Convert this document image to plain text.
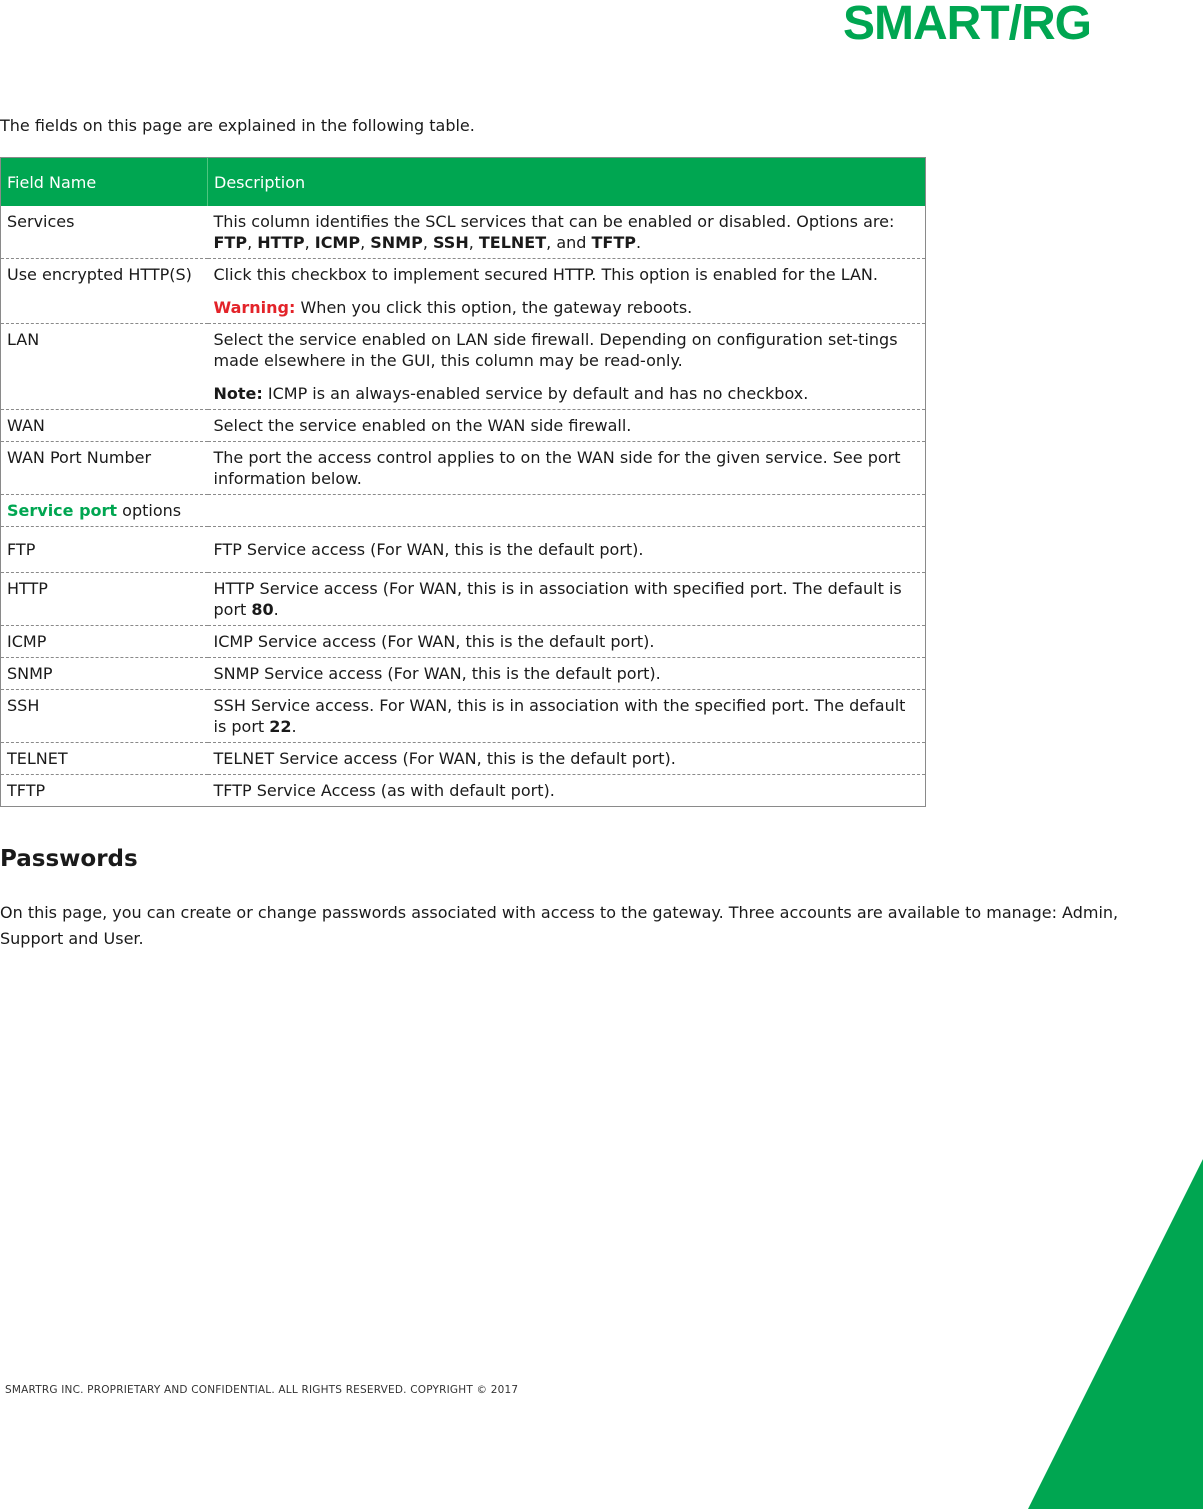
SMART/RG

The fields on this page are explained in the following table.

Field Name	Description
Services	This column identifies the SCL services that can be enabled or disabled. Options are: FTP, HTTP, ICMP, SNMP, SSH, TELNET, and TFTP.
Use encrypted HTTP(S)	Click this checkbox to implement secured HTTP. This option is enabled for the LAN.

Warning: When you click this option, the gateway reboots.

LAN	Select the service enabled on LAN side firewall. Depending on configuration set-tings made elsewhere in the GUI, this column may be read-only.

Note: ICMP is an always-enabled service by default and has no checkbox.

WAN	Select the service enabled on the WAN side firewall.
WAN Port Number	The port the access control applies to on the WAN side for the given service. See port information below.
Service port options	
FTP	FTP Service access (For WAN, this is the default port).
HTTP	HTTP Service access (For WAN, this is in association with specified port. The default is port 80.
ICMP	ICMP Service access (For WAN, this is the default port).
SNMP	SNMP Service access (For WAN, this is the default port).
SSH	SSH Service access. For WAN, this is in association with the specified port. The default is port 22.
TELNET	TELNET Service access (For WAN, this is the default port).
TFTP	TFTP Service Access (as with default port).
Passwords

On this page, you can create or change passwords associated with access to the gateway. Three accounts are available to manage: Admin, Support and User.

SMARTRG INC. PROPRIETARY AND CONFIDENTIAL. ALL RIGHTS RESERVED. COPYRIGHT © 2017
